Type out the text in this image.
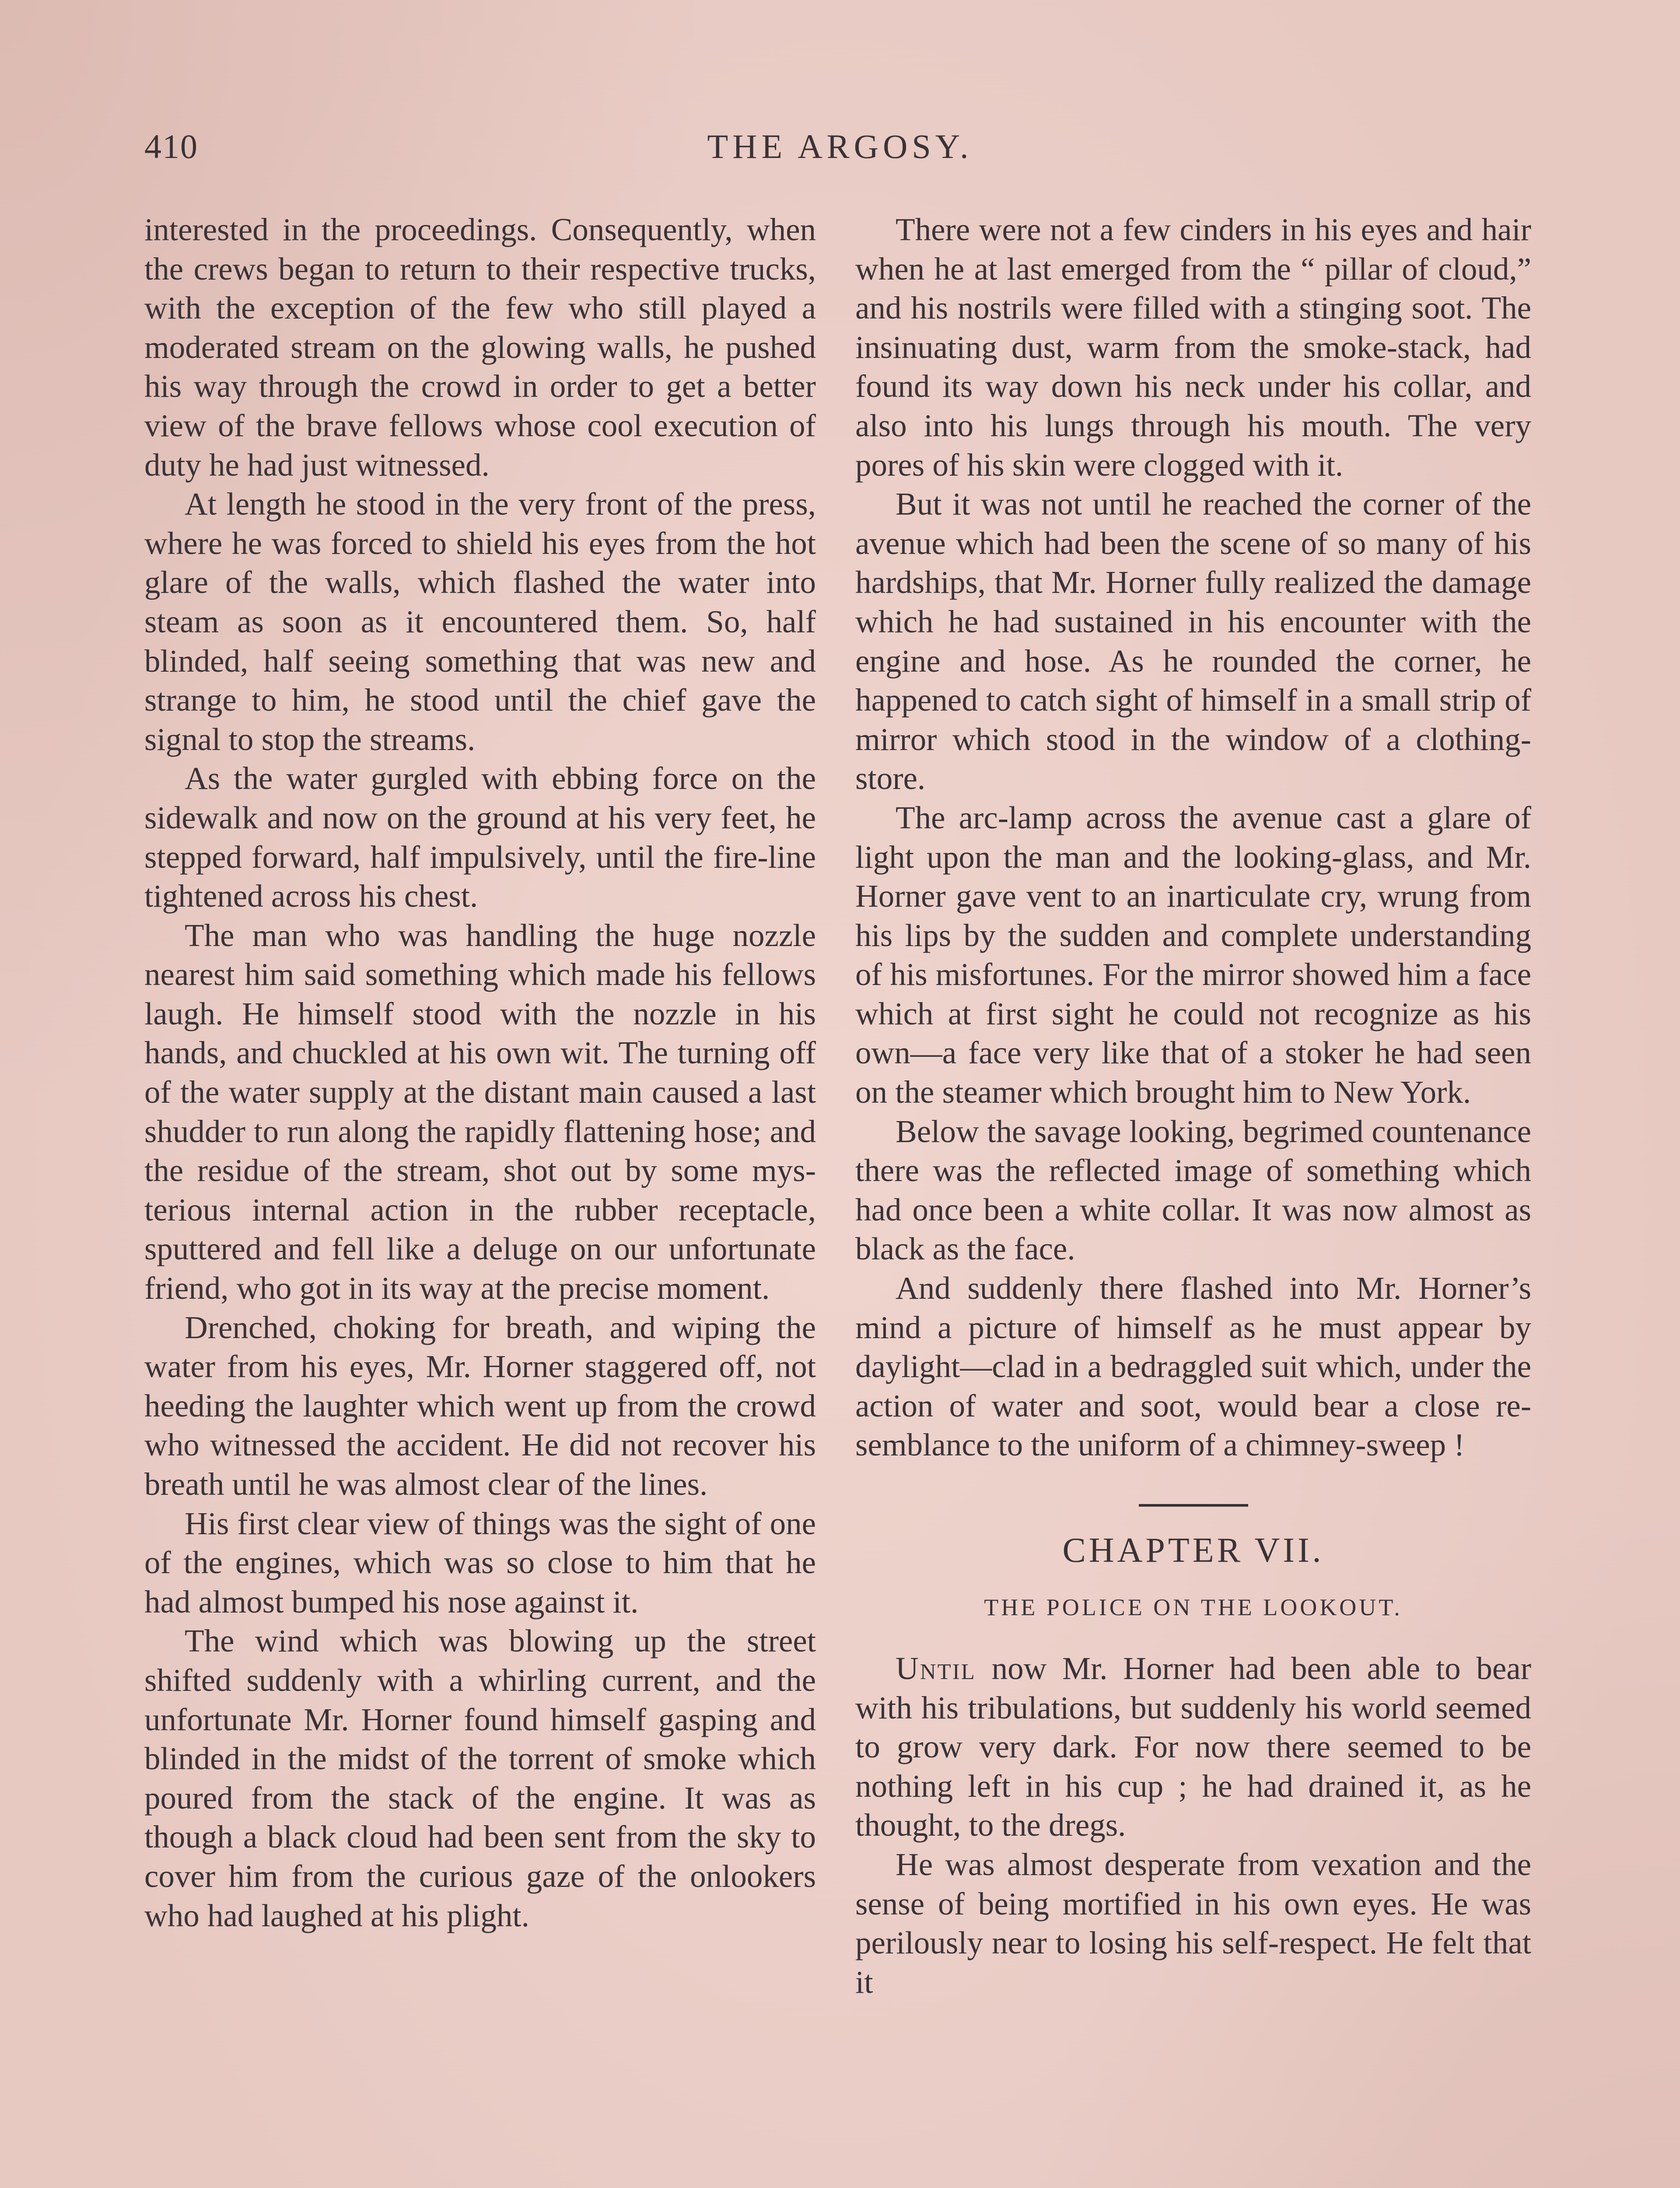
410	THE ARGOSY.

interested in the proceedings. Consequently, when the crews began to return to their respective trucks, with the exception of the few who still played a moderated stream on the glowing walls, he pushed his way through the crowd in order to get a better view of the brave fellows whose cool execution of duty he had just witnessed.

At length he stood in the very front of the press, where he was forced to shield his eyes from the hot glare of the walls, which flashed the water into steam as soon as it encountered them. So, half blinded, half seeing something that was new and strange to him, he stood until the chief gave the signal to stop the streams.

As the water gurgled with ebbing force on the sidewalk and now on the ground at his very feet, he stepped forward, half impulsively, until the fire-line tightened across his chest.

The man who was handling the huge nozzle nearest him said something which made his fellows laugh. He himself stood with the nozzle in his hands, and chuckled at his own wit. The turning off of the water supply at the distant main caused a last shudder to run along the rapidly flattening hose; and the residue of the stream, shot out by some mysterious internal action in the rubber receptacle, sputtered and fell like a deluge on our unfortunate friend, who got in its way at the precise moment.

Drenched, choking for breath, and wiping the water from his eyes, Mr. Horner staggered off, not heeding the laughter which went up from the crowd who witnessed the accident. He did not recover his breath until he was almost clear of the lines.

His first clear view of things was the sight of one of the engines, which was so close to him that he had almost bumped his nose against it.

The wind which was blowing up the street shifted suddenly with a whirling current, and the unfortunate Mr. Horner found himself gasping and blinded in the midst of the torrent of smoke which poured from the stack of the engine. It was as though a black cloud had been sent from the sky to cover him from the curious gaze of the onlookers who had laughed at his plight.

There were not a few cinders in his eyes and hair when he at last emerged from the “ pillar of cloud,” and his nostrils were filled with a stinging soot. The insinuating dust, warm from the smoke-stack, had found its way down his neck under his collar, and also into his lungs through his mouth. The very pores of his skin were clogged with it.

But it was not until he reached the corner of the avenue which had been the scene of so many of his hardships, that Mr. Horner fully realized the damage which he had sustained in his encounter with the engine and hose. As he rounded the corner, he happened to catch sight of himself in a small strip of mirror which stood in the window of a clothing-store.

The arc-lamp across the avenue cast a glare of light upon the man and the looking-glass, and Mr. Horner gave vent to an inarticulate cry, wrung from his lips by the sudden and complete understanding of his misfortunes. For the mirror showed him a face which at first sight he could not recognize as his own—a face very like that of a stoker he had seen on the steamer which brought him to New York.

Below the savage looking, begrimed countenance there was the reflected image of something which had once been a white collar. It was now almost as black as the face.

And suddenly there flashed into Mr. Horner’s mind a picture of himself as he must appear by daylight—clad in a bedraggled suit which, under the action of water and soot, would bear a close resemblance to the uniform of a chimney-sweep !

CHAPTER VII.
THE POLICE ON THE LOOKOUT.

Until now Mr. Horner had been able to bear with his tribulations, but suddenly his world seemed to grow very dark. For now there seemed to be nothing left in his cup ; he had drained it, as he thought, to the dregs.

He was almost desperate from vexation and the sense of being mortified in his own eyes. He was perilously near to losing his self-respect. He felt that it
